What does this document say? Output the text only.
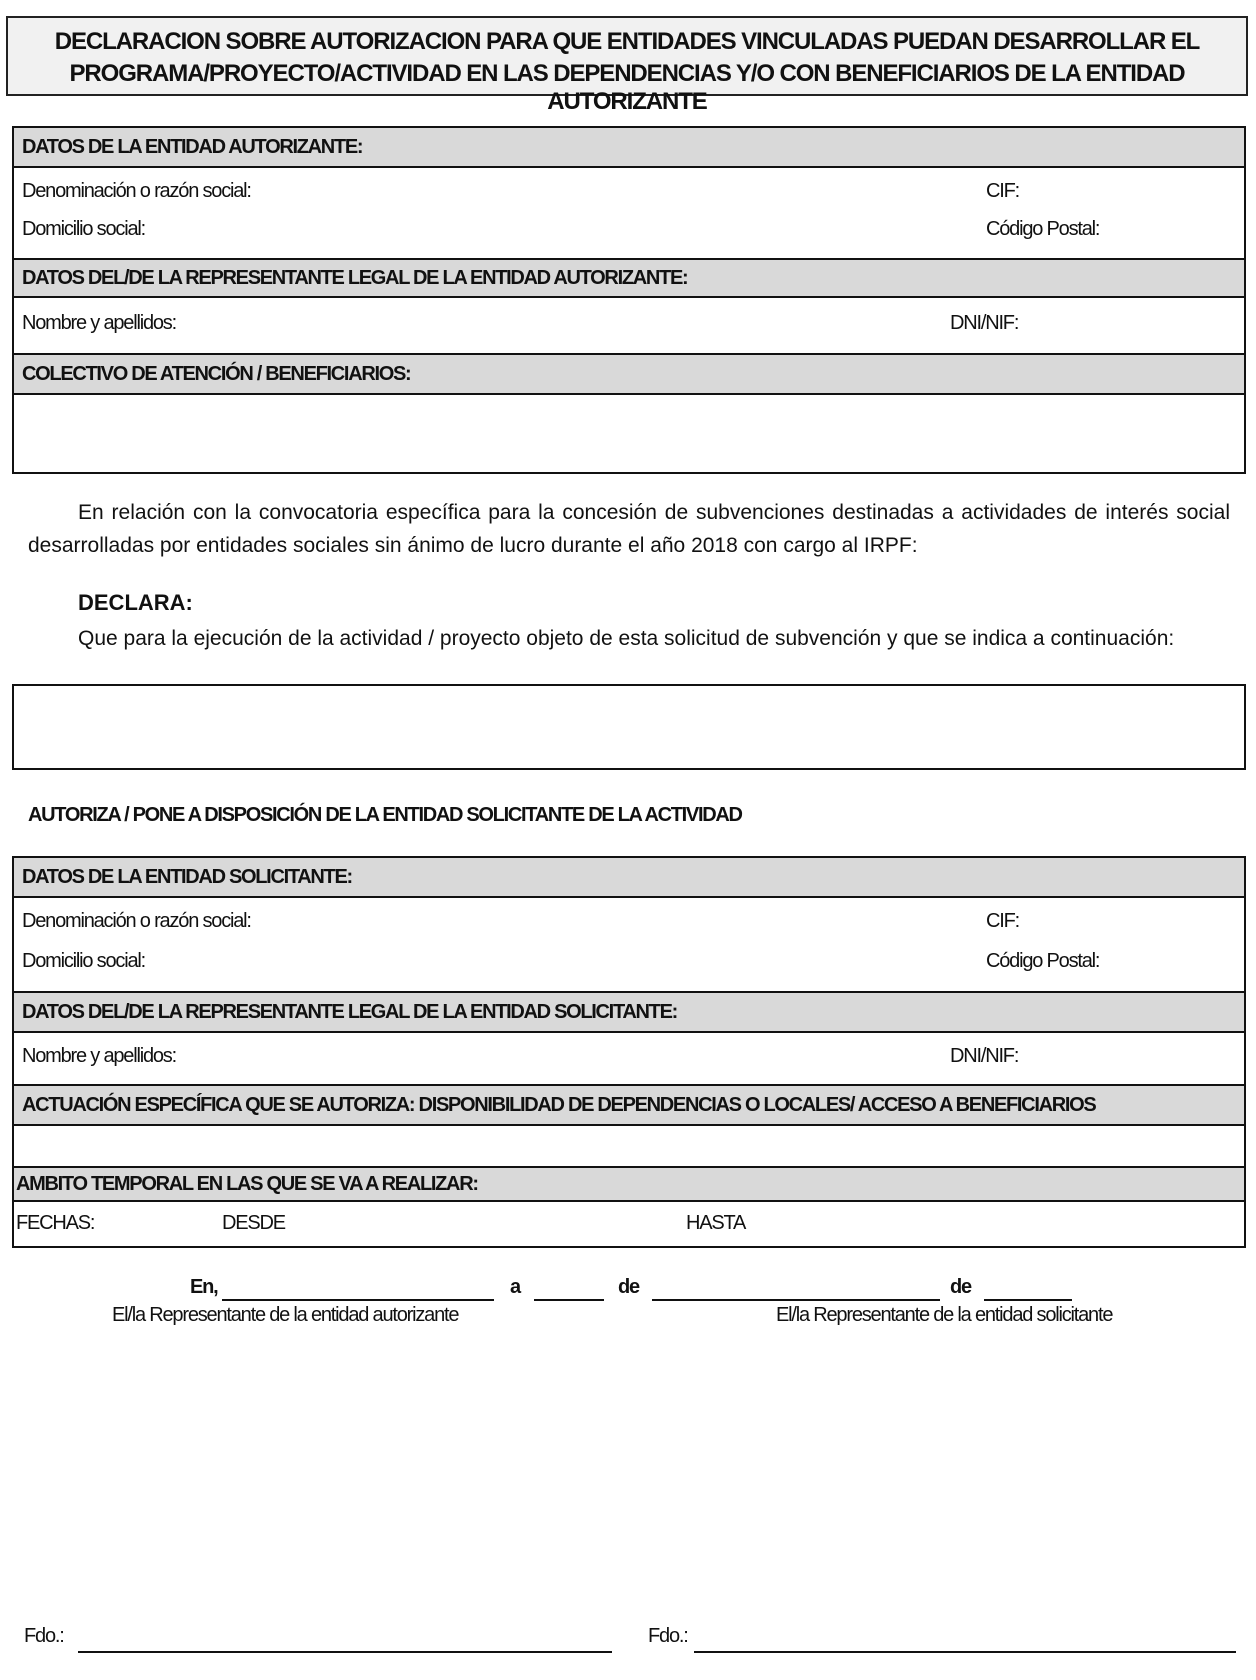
DECLARACION SOBRE AUTORIZACION PARA QUE ENTIDADES VINCULADAS PUEDAN DESARROLLAR EL
PROGRAMA/PROYECTO/ACTIVIDAD EN LAS DEPENDENCIAS Y/O CON BENEFICIARIOS DE LA ENTIDAD AUTORIZANTE
DATOS DE LA ENTIDAD AUTORIZANTE:
Denominación o razón social:	CIF:
Domicilio social:	Código Postal:
DATOS DEL/DE LA REPRESENTANTE LEGAL DE LA ENTIDAD AUTORIZANTE:
Nombre y apellidos:	DNI/NIF:
COLECTIVO DE ATENCIÓN / BENEFICIARIOS:
En relación con la convocatoria específica para la concesión de subvenciones destinadas a actividades de interés social desarrolladas por entidades sociales sin ánimo de lucro durante el año 2018 con cargo al IRPF:
DECLARA:
Que para la ejecución de la actividad / proyecto objeto de esta solicitud de subvención y que se indica a continuación:
AUTORIZA / PONE A DISPOSICIÓN DE LA ENTIDAD SOLICITANTE DE LA ACTIVIDAD
DATOS DE LA ENTIDAD SOLICITANTE:
Denominación o razón social:	CIF:
Domicilio social:	Código Postal:
DATOS DEL/DE LA REPRESENTANTE LEGAL DE LA ENTIDAD SOLICITANTE:
Nombre y apellidos:	DNI/NIF:
ACTUACIÓN ESPECÍFICA QUE SE AUTORIZA: DISPONIBILIDAD DE DEPENDENCIAS O LOCALES/ ACCESO A BENEFICIARIOS
AMBITO TEMPORAL EN LAS QUE SE VA A REALIZAR:
FECHAS:	DESDE	HASTA
En,	a	de	de
El/la Representante de la entidad autorizante	El/la Representante de la entidad solicitante
Fdo.:	Fdo.:
